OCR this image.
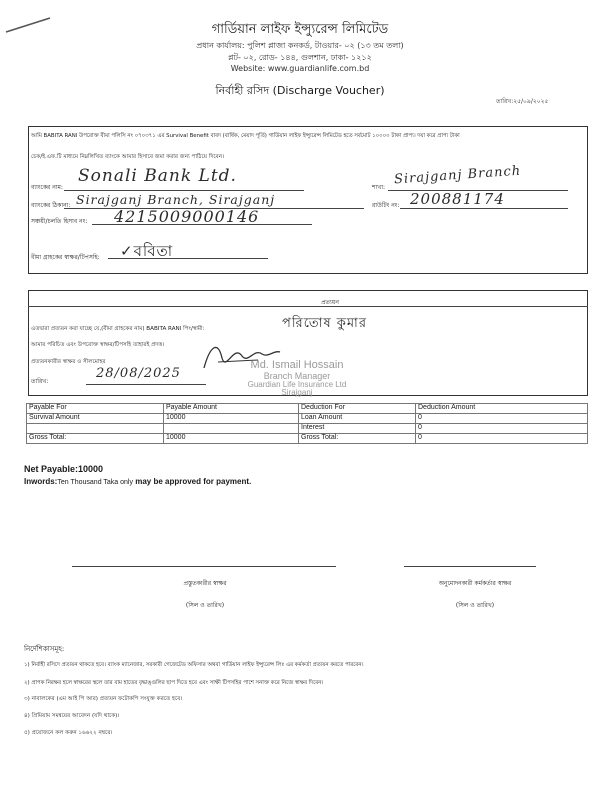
গার্ডিয়ান লাইফ ইন্স্যুরেন্স লিমিটেড
প্রধান কার্যালয়: পুলিশ প্লাজা কনকর্ড, টাওয়ার- ০২ (১৩ তম তলা)
প্লট- ০২, রোড- ১৪৪, গুলশান, ঢাকা- ১২১২
Website: www.guardianlife.com.bd
নির্বাহী রসিদ (Discharge Voucher)
তারিখ:২৫/০৯/২০২৫
আমি BABITA RANI উপরোক্ত বীমা পলিসি নং ০৭০৩৭১ এর Survival Benefit বাবদ (বার্ষিক, মেয়াদ পূর্তি) গার্ডিয়ান লাইফ ইন্স্যুরেন্স লিমিটেড হতে সর্বমোট ১০০০০ টাকা প্রাপ্য। দয়া করে প্রাপ্য টাকা
চেক/ই.এফ.টি মাধ্যমে নিম্নলিখিত ব্যাংকে আমার হিসাবে জমা করার জন্য পাঠিয়ে দিবেন।
ব্যাংকের নাম:
Sonali Bank Ltd.
শাখা:
Sirajganj Branch
ব্যাংকের ঠিকানা: Sirajganj Branch, Sirajganj	রাউটিং নং: 200881174
সঞ্চয়ী/চলতি হিসাব নং: 4215009000146
বীমা গ্রাহকের স্বাক্ষর/টিপসহি: ✓ববিতা
প্রত্যয়ন
এতদ্বারা প্রত্যয়ন করা যাচ্ছে যে,(বীমা গ্রাহকের নাম) BABITA RANI পিং/স্বামী:	পরিতোষ কুমার
আমার পরিচিত এবং উপরোক্ত স্বাক্ষর/টিপসহি তাহারই প্রদত্ত।
প্রত্যয়নকারীর স্বাক্ষর ও সীলমোহর
তারিখ:
28/08/2025
Md. Ismail Hossain
Branch Manager
Guardian Life Insurance Ltd
Sirajganj
Payable For	Payable Amount	Deduction For	Deduction Amount
Survival Amount	10000	Loan Amount	0
		Interest	0
Gross Total:	10000	Gross Total:	0
Net Payable:10000
Inwords:Ten Thousand Taka only may be approved for payment.
প্রস্তুতকারীর স্বাক্ষর
(সিল ও তারিখ)
অনুমোদনকারী কর্মকর্তার স্বাক্ষর
(সিল ও তারিখ)
নির্দেশিকাসমূহ:
১) নির্বাহী রসিদে প্রত্যয়ন থাকতে হবে। ব্যাংক ম্যানেজার, সরকারী গেজেটেড অফিসার অথবা গার্ডিয়ান লাইফ ইন্স্যুরেন্স লিঃ এর কর্মকর্তা প্রত্যয়ন করতে পারবেন।
২) প্রাপক নিরক্ষর হলে স্বাক্ষরের স্থলে তার বাম হাতের বৃদ্ধাঙ্গুলির ছাপ দিতে হবে এবং সাক্ষী টিপসহির পাশে সনাক্ত করে নিজে স্বাক্ষর দিবেন।
৩) নাবালকের (এম আই পি আর) প্রত্যয়ন ফটোকপি সংযুক্ত করতে হবে।
৪) প্রিমিয়াম সমন্বয়ের আবেদন (যদি থাকে)।
৫) প্রয়োজনে কল করুন ১৬৬২২ নম্বরে।
